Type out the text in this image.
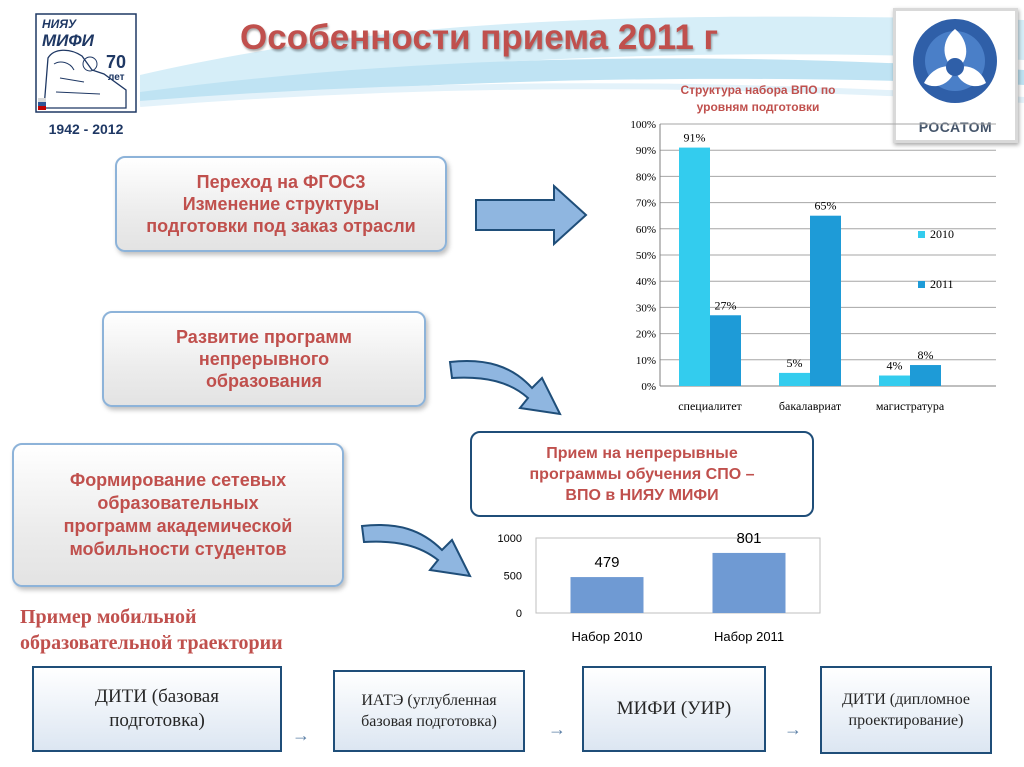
НИЯУ
МИФИ
70
лет
1942 - 2012
Особенности приема 2011 г
РОСАТОМ
Переход на ФГОС3
Изменение структуры
подготовки под заказ отрасли
Развитие программ
непрерывного
образования
Формирование сетевых
образовательных
программ академической
мобильности студентов
Структура набора ВПО по
уровням подготовки
0%
10%
20%
30%
40%
50%
60%
70%
80%
90%
100%
91%
27%
специалитет
5%
65%
бакалавриат
4%
8%
магистратура
2010
2011
Прием на непрерывные
программы обучения СПО –
ВПО в НИЯУ МИФИ
0
500
1000
479
Набор 2010
801
Набор 2011
Пример мобильной
образовательной траектории
ДИТИ (базовая
подготовка)
→
ИАТЭ (углубленная
базовая подготовка)	→
МИФИ (УИР)
→
ДИТИ (дипломное
проектирование)
